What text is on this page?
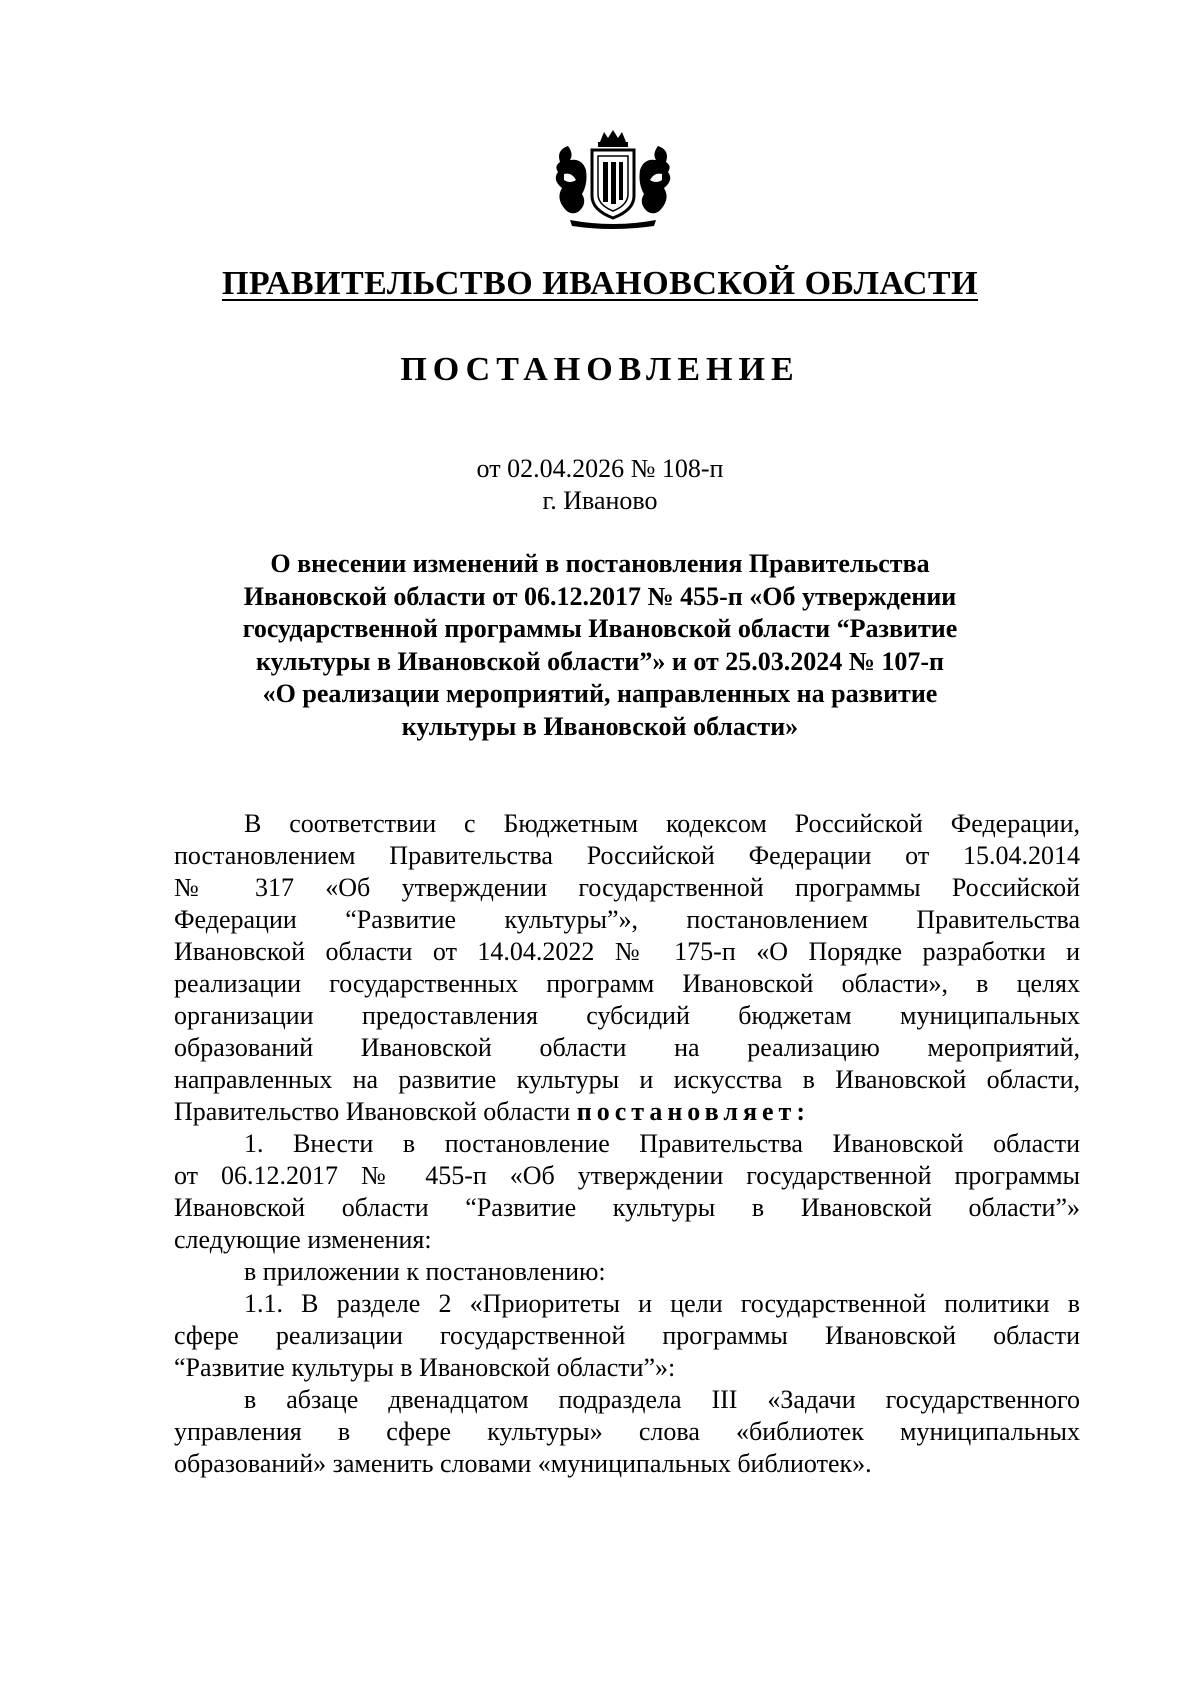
ПРАВИТЕЛЬСТВО ИВАНОВСКОЙ ОБЛАСТИ
ПОСТАНОВЛЕНИЕ
от 02.04.2026 № 108-п
г. Иваново
О внесении изменений в постановления Правительства
Ивановской области от 06.12.2017 № 455-п «Об утверждении
государственной программы Ивановской области “Развитие
культуры в Ивановской области”» и от 25.03.2024 № 107-п
«О реализации мероприятий, направленных на развитие
культуры в Ивановской области»
В соответствии с Бюджетным кодексом Российской Федерации,
постановлением Правительства Российской Федерации от 15.04.2014
№ 317 «Об утверждении государственной программы Российской
Федерации “Развитие культуры”», постановлением Правительства
Ивановской области от 14.04.2022 № 175-п «О Порядке разработки и
реализации государственных программ Ивановской области», в целях
организации предоставления субсидий бюджетам муниципальных
образований Ивановской области на реализацию мероприятий,
направленных на развитие культуры и искусства в Ивановской области,
Правительство Ивановской области постановляет:
1. Внести в постановление Правительства Ивановской области
от 06.12.2017 № 455-п «Об утверждении государственной программы
Ивановской области “Развитие культуры в Ивановской области”»
следующие изменения:
в приложении к постановлению:
1.1. В разделе 2 «Приоритеты и цели государственной политики в
сфере реализации государственной программы Ивановской области
“Развитие культуры в Ивановской области”»:
в абзаце двенадцатом подраздела III «Задачи государственного
управления в сфере культуры» слова «библиотек муниципальных
образований» заменить словами «муниципальных библиотек».
